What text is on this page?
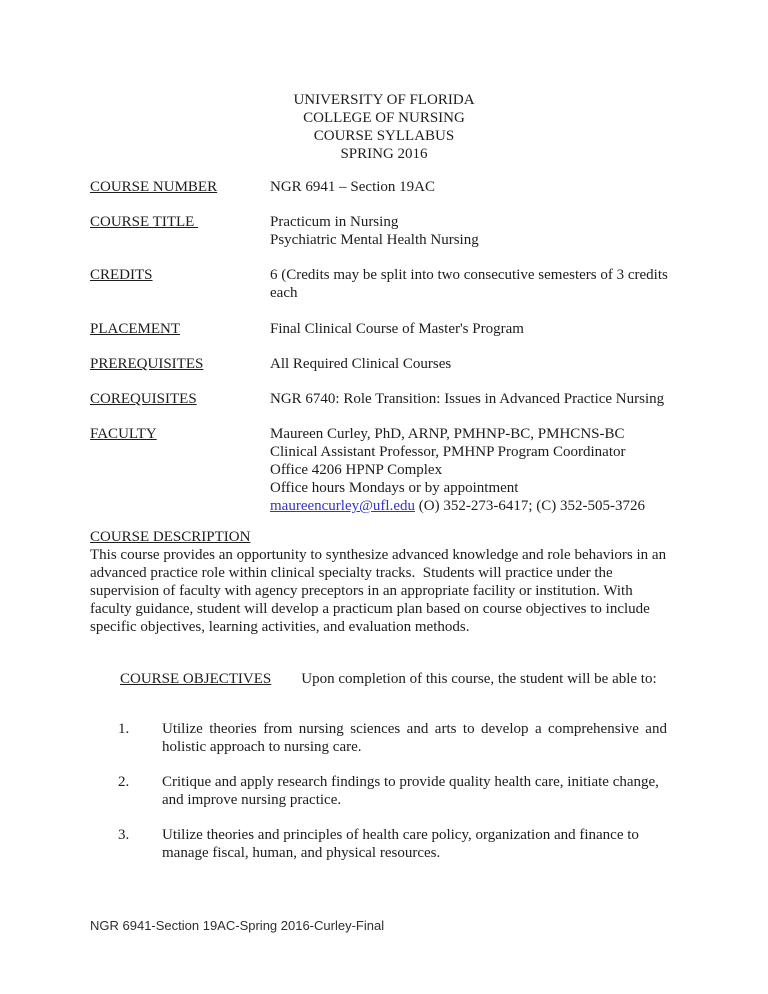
UNIVERSITY OF FLORIDA
COLLEGE OF NURSING
COURSE SYLLABUS
SPRING 2016
COURSE NUMBER	NGR 6941 – Section 19AC
COURSE TITLE	Practicum in Nursing
Psychiatric Mental Health Nursing
CREDITS	6 (Credits may be split into two consecutive semesters of 3 credits
each
PLACEMENT	Final Clinical Course of Master's Program
PREREQUISITES	All Required Clinical Courses
COREQUISITES	NGR 6740: Role Transition: Issues in Advanced Practice Nursing
FACULTY	Maureen Curley, PhD, ARNP, PMHNP-BC, PMHCNS-BC
Clinical Assistant Professor, PMHNP Program Coordinator
Office 4206 HPNP Complex
Office hours Mondays or by appointment
maureencurley@ufl.edu (O) 352-273-6417; (C) 352-505-3726
COURSE DESCRIPTION
This course provides an opportunity to synthesize advanced knowledge and role behaviors in an
advanced practice role within clinical specialty tracks.  Students will practice under the
supervision of faculty with agency preceptors in an appropriate facility or institution. With
faculty guidance, student will develop a practicum plan based on course objectives to include
specific objectives, learning activities, and evaluation methods.

COURSE OBJECTIVES Upon completion of this course, the student will be able to:

1. Utilize theories from nursing sciences and arts to develop a comprehensive and
holistic approach to nursing care.
2. Critique and apply research findings to provide quality health care, initiate change,
and improve nursing practice.
3. Utilize theories and principles of health care policy, organization and finance to
manage fiscal, human, and physical resources.
NGR 6941-Section 19AC-Spring 2016-Curley-Final
